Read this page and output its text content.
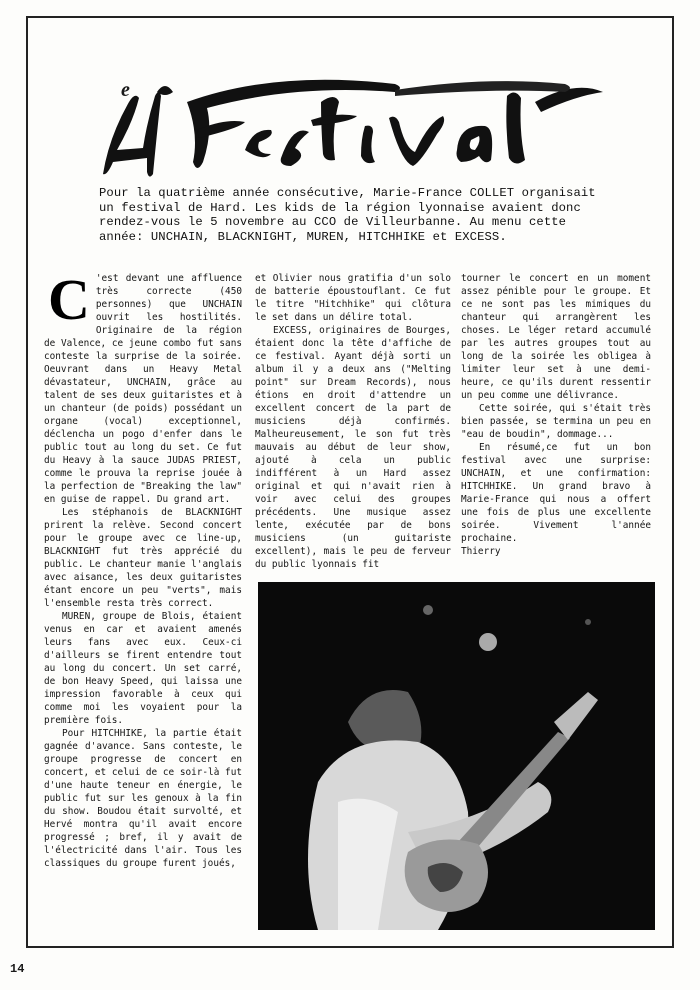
e
Pour la quatrième année consécutive, Marie-France COLLET organisait un festival de Hard. Les kids de la région lyonnaise avaient donc rendez-vous le 5 novembre au CCO de Villeurbanne. Au menu cette année: UNCHAIN, BLACKNIGHT, MUREN, HITCHHIKE et EXCESS.

C 'est devant une affluence très correcte (450 personnes) que UNCHAIN ouvrit les hostilités. Originaire de la région de Valence, ce jeune combo fut sans conteste la surprise de la soirée. Oeuvrant dans un Heavy Metal dévastateur, UNCHAIN, grâce au talent de ses deux guitaristes et à un chanteur (de poids) possédant un organe (vocal) exceptionnel, déclencha un pogo d'enfer dans le public tout au long du set. Ce fut du Heavy à la sauce JUDAS PRIEST, comme le prouva la reprise jouée à la perfection de "Breaking the law" en guise de rappel. Du grand art.

Les stéphanois de BLACKNIGHT prirent la relève. Second concert pour le groupe avec ce line-up, BLACKNIGHT fut très apprécié du public. Le chanteur manie l'anglais avec aisance, les deux guitaristes étant encore un peu "verts", mais l'ensemble resta très correct.

MUREN, groupe de Blois, étaient venus en car et avaient amenés leurs fans avec eux. Ceux-ci d'ailleurs se firent entendre tout au long du concert. Un set carré, de bon Heavy Speed, qui laissa une impression favorable à ceux qui comme moi les voyaient pour la première fois.

Pour HITCHHIKE, la partie était gagnée d'avance. Sans conteste, le groupe progresse de concert en concert, et celui de ce soir-là fut d'une haute teneur en énergie, le public fut sur les genoux à la fin du show. Boudou était survolté, et Hervé montra qu'il avait encore progressé ; bref, il y avait de l'électricité dans l'air. Tous les classiques du groupe furent joués,

et Olivier nous gratifia d'un solo de batterie époustouflant. Ce fut le titre "Hitchhike" qui clôtura le set dans un délire total.

EXCESS, originaires de Bourges, étaient donc la tête d'affiche de ce festival. Ayant déjà sorti un album il y a deux ans ("Melting point" sur Dream Records), nous étions en droit d'attendre un excellent concert de la part de musiciens déjà confirmés. Malheureusement, le son fut très mauvais au début de leur show, ajouté à cela un public indifférent à un Hard assez original et qui n'avait rien à voir avec celui des groupes précédents. Une musique assez lente, exécutée par de bons musiciens (un guitariste excellent), mais le peu de ferveur du public lyonnais fit

tourner le concert en un moment assez pénible pour le groupe. Et ce ne sont pas les mimiques du chanteur qui arrangèrent les choses. Le léger retard accumulé par les autres groupes tout au long de la soirée les obligea à limiter leur set à une demi-heure, ce qu'ils durent ressentir un peu comme une délivrance.

Cette soirée, qui s'était très bien passée, se termina un peu en "eau de boudin", dommage...

En résumé,ce fut un bon festival avec une surprise: UNCHAIN, et une confirmation: HITCHHIKE. Un grand bravo à Marie-France qui nous a offert une fois de plus une excellente soirée. Vivement l'année prochaine.

Thierry

14
